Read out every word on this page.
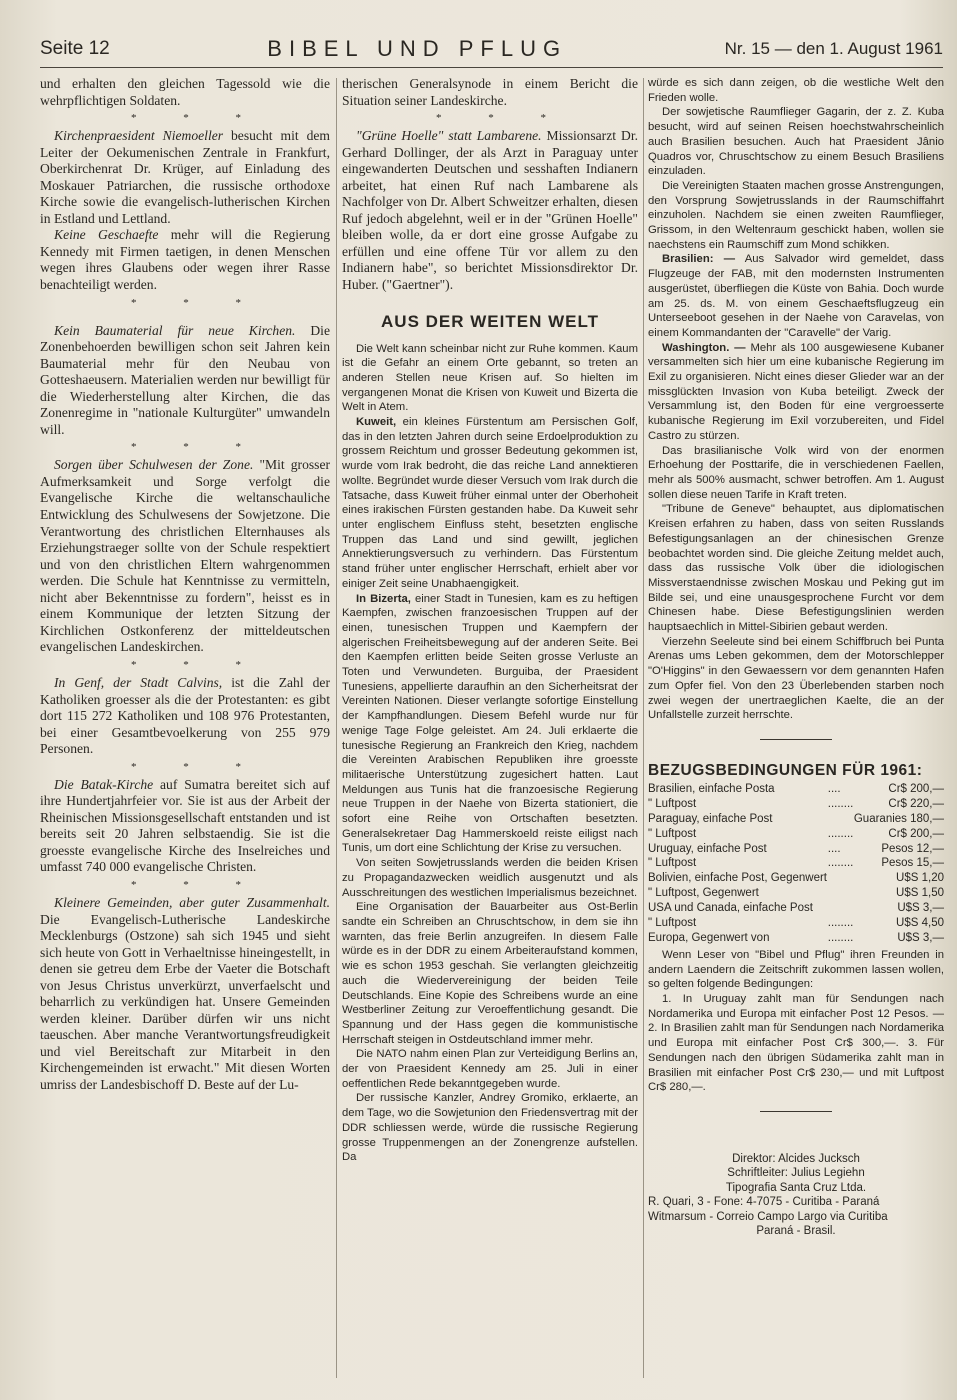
Seite 12	BIBEL UND PFLUG	Nr. 15 — den 1. August 1961

und erhalten den gleichen Tagessold wie die wehrpflichtigen Soldaten.

* * *

Kirchenpraesident Niemoeller besucht mit dem Leiter der Oekumenischen Zentrale in Frankfurt, Oberkirchenrat Dr. Krüger, auf Einladung des Moskauer Patriarchen, die russische orthodoxe Kirche sowie die evangelisch-lutherischen Kirchen in Estland und Lettland.

Keine Geschaefte mehr will die Regierung Kennedy mit Firmen taetigen, in denen Menschen wegen ihres Glaubens oder wegen ihrer Rasse benachteiligt werden.

* * *

Kein Baumaterial für neue Kirchen. Die Zonenbehoerden bewilligen schon seit Jahren kein Baumaterial mehr für den Neubau von Gotteshaeusern. Materialien werden nur bewilligt für die Wiederherstellung alter Kirchen, die das Zonenregime in "nationale Kulturgüter" umwandeln will.

* * *

Sorgen über Schulwesen der Zone. "Mit grosser Aufmerksamkeit und Sorge verfolgt die Evangelische Kirche die weltanschauliche Entwicklung des Schulwesens der Sowjetzone. Die Verantwortung des christlichen Elternhauses als Erziehungstraeger sollte von der Schule respektiert und von den christlichen Eltern wahrgenommen werden. Die Schule hat Kenntnisse zu vermitteln, nicht aber Bekenntnisse zu fordern", heisst es in einem Kommunique der letzten Sitzung der Kirchlichen Ostkonferenz der mitteldeutschen evangelischen Landeskirchen.

* * *

In Genf, der Stadt Calvins, ist die Zahl der Katholiken groesser als die der Protestanten: es gibt dort 115 272 Katholiken und 108 976 Protestanten, bei einer Gesamtbevoelkerung von 255 979 Personen.

* * *

Die Batak-Kirche auf Sumatra bereitet sich auf ihre Hundertjahrfeier vor. Sie ist aus der Arbeit der Rheinischen Missionsgesellschaft entstanden und ist bereits seit 20 Jahren selbstaendig. Sie ist die groesste evangelische Kirche des Inselreiches und umfasst 740 000 evangelische Christen.

* * *

Kleinere Gemeinden, aber guter Zusammenhalt. Die Evangelisch-Lutherische Landeskirche Mecklenburgs (Ostzone) sah sich 1945 und sieht sich heute von Gott in Verhaeltnisse hineingestellt, in denen sie getreu dem Erbe der Vaeter die Botschaft von Jesus Christus unverkürzt, unverfaelscht und beharrlich zu verkündigen hat. Unsere Gemeinden werden kleiner. Darüber dürfen wir uns nicht taeuschen. Aber manche Verantwortungsfreudigkeit und viel Bereitschaft zur Mitarbeit in den Kirchengemeinden ist erwacht." Mit diesen Worten umriss der Landesbischoff D. Beste auf der Lu-

therischen Generalsynode in einem Bericht die Situation seiner Landeskirche.

* * *

"Grüne Hoelle" statt Lambarene. Missionsarzt Dr. Gerhard Dollinger, der als Arzt in Paraguay unter eingewanderten Deutschen und sesshaften Indianern arbeitet, hat einen Ruf nach Lambarene als Nachfolger von Dr. Albert Schweitzer erhalten, diesen Ruf jedoch abgelehnt, weil er in der "Grünen Hoelle" bleiben wolle, da er dort eine grosse Aufgabe zu erfüllen und eine offene Tür vor allem zu den Indianern habe", so berichtet Missionsdirektor Dr. Huber. ("Gaertner").

AUS DER WEITEN WELT

Die Welt kann scheinbar nicht zur Ruhe kommen. Kaum ist die Gefahr an einem Orte gebannt, so treten an anderen Stellen neue Krisen auf. So hielten im vergangenen Monat die Krisen von Kuweit und Bizerta die Welt in Atem.

Kuweit, ein kleines Fürstentum am Persischen Golf, das in den letzten Jahren durch seine Erdoelproduktion zu grossem Reichtum und grosser Bedeutung gekommen ist, wurde vom Irak bedroht, die das reiche Land annektieren wollte. Begründet wurde dieser Versuch vom Irak durch die Tatsache, dass Kuweit früher einmal unter der Oberhoheit eines irakischen Fürsten gestanden habe. Da Kuweit sehr unter englischem Einfluss steht, besetzten englische Truppen das Land und sind gewillt, jeglichen Annektierungsversuch zu verhindern. Das Fürstentum stand früher unter englischer Herrschaft, erhielt aber vor einiger Zeit seine Unabhaengigkeit.

In Bizerta, einer Stadt in Tunesien, kam es zu heftigen Kaempfen, zwischen franzoesischen Truppen auf der einen, tunesischen Truppen und Kaempfern der algerischen Freiheitsbewegung auf der anderen Seite. Bei den Kaempfen erlitten beide Seiten grosse Verluste an Toten und Verwundeten. Burguiba, der Praesident Tunesiens, appellierte daraufhin an den Sicherheitsrat der Vereinten Nationen. Dieser verlangte sofortige Einstellung der Kampfhandlungen. Diesem Befehl wurde nur für wenige Tage Folge geleistet. Am 24. Juli erklaerte die tunesische Regierung an Frankreich den Krieg, nachdem die Vereinten Arabischen Republiken ihre groesste militaerische Unterstützung zugesichert hatten. Laut Meldungen aus Tunis hat die franzoesische Regierung neue Truppen in der Naehe von Bizerta stationiert, die sofort eine Reihe von Ortschaften besetzten. Generalsekretaer Dag Hammerskoeld reiste eiligst nach Tunis, um dort eine Schlichtung der Krise zu versuchen.

Von seiten Sowjetrusslands werden die beiden Krisen zu Propagandazwecken weidlich ausgenutzt und als Ausschreitungen des westlichen Imperialismus bezeichnet.

Eine Organisation der Bauarbeiter aus Ost-Berlin sandte ein Schreiben an Chruschtschow, in dem sie ihn warnten, das freie Berlin anzugreifen. In diesem Falle würde es in der DDR zu einem Arbeiteraufstand kommen, wie es schon 1953 geschah. Sie verlangten gleichzeitig auch die Wiedervereinigung der beiden Teile Deutschlands. Eine Kopie des Schreibens wurde an eine Westberliner Zeitung zur Veroeffentlichung gesandt. Die Spannung und der Hass gegen die kommunistische Herrschaft steigen in Ostdeutschland immer mehr.

Die NATO nahm einen Plan zur Verteidigung Berlins an, der von Praesident Kennedy am 25. Juli in einer oeffentlichen Rede bekanntgegeben wurde.

Der russische Kanzler, Andrey Gromiko, erklaerte, an dem Tage, wo die Sowjetunion den Friedensvertrag mit der DDR schliessen werde, würde die russische Regierung grosse Truppenmengen an der Zonengrenze aufstellen. Da

würde es sich dann zeigen, ob die westliche Welt den Frieden wolle.

Der sowjetische Raumflieger Gagarin, der z. Z. Kuba besucht, wird auf seinen Reisen hoechstwahrscheinlich auch Brasilien besuchen. Auch hat Praesident Jânio Quadros vor, Chruschtschow zu einem Besuch Brasiliens einzuladen.

Die Vereinigten Staaten machen grosse Anstrengungen, den Vorsprung Sowjetrusslands in der Raumschiffahrt einzuholen. Nachdem sie einen zweiten Raumflieger, Grissom, in den Weltenraum geschickt haben, wollen sie naechstens ein Raumschiff zum Mond schikken.

Brasilien: — Aus Salvador wird gemeldet, dass Flugzeuge der FAB, mit den modernsten Instrumenten ausgerüstet, überfliegen die Küste von Bahia. Doch wurde am 25. ds. M. von einem Geschaeftsflugzeug ein Unterseeboot gesehen in der Naehe von Caravelas, von einem Kommandanten der "Caravelle" der Varig.

Washington. — Mehr als 100 ausgewiesene Kubaner versammelten sich hier um eine kubanische Regierung im Exil zu organisieren. Nicht eines dieser Glieder war an der missglückten Invasion von Kuba beteiligt. Zweck der Versammlung ist, den Boden für eine vergroesserte kubanische Regierung im Exil vorzubereiten, und Fidel Castro zu stürzen.

Das brasilianische Volk wird von der enormen Erhoehung der Posttarife, die in verschiedenen Faellen, mehr als 500% ausmacht, schwer betroffen. Am 1. August sollen diese neuen Tarife in Kraft treten.

"Tribune de Geneve" behauptet, aus diplomatischen Kreisen erfahren zu haben, dass von seiten Russlands Befestigungsanlagen an der chinesischen Grenze beobachtet worden sind. Die gleiche Zeitung meldet auch, dass das russische Volk über die idiologischen Missverstaendnisse zwischen Moskau und Peking gut im Bilde sei, und eine unausgesprochene Furcht vor dem Chinesen habe. Diese Befestigungslinien werden hauptsaechlich in Mittel-Sibirien gebaut werden.

Vierzehn Seeleute sind bei einem Schiffbruch bei Punta Arenas ums Leben gekommen, dem der Motorschlepper "O'Higgins" in den Gewaessern vor dem genannten Hafen zum Opfer fiel. Von den 23 Überlebenden starben noch zwei wegen der unertraeglichen Kaelte, die an der Unfallstelle zurzeit herrschte.

BEZUGSBEDINGUNGEN FÜR 1961:
Brasilien, einfache Posta	....	Cr$ 200,—
" Luftpost	........	Cr$ 220,—
Paraguay, einfache Post		Guaranies 180,—
" Luftpost	........	Cr$ 200,—
Uruguay, einfache Post	....	Pesos 12,—
" Luftpost	........	Pesos 15,—
Bolivien, einfache Post, Gegenwert		U$S 1,20
" Luftpost, Gegenwert		U$S 1,50
USA und Canada, einfache Post		U$S 3,—
" Luftpost	........	U$S 4,50
Europa, Gegenwert von	........	U$S 3,—

Wenn Leser von "Bibel und Pflug" ihren Freunden in andern Laendern die Zeitschrift zukommen lassen wollen, so gelten folgende Bedingungen:

1. In Uruguay zahlt man für Sendungen nach Nordamerika und Europa mit einfacher Post 12 Pesos. — 2. In Brasilien zahlt man für Sendungen nach Nordamerika und Europa mit einfacher Post Cr$ 300,—. 3. Für Sendungen nach den übrigen Südamerika zahlt man in Brasilien mit einfacher Post Cr$ 230,— und mit Luftpost Cr$ 280,—.

Direktor: Alcides Jucksch
Schriftleiter: Julius Legiehn
Tipografia Santa Cruz Ltda.
R. Quari, 3 - Fone: 4-7075 - Curitiba - Paraná
Witmarsum - Correio Campo Largo via Curitiba
Paraná - Brasil.
